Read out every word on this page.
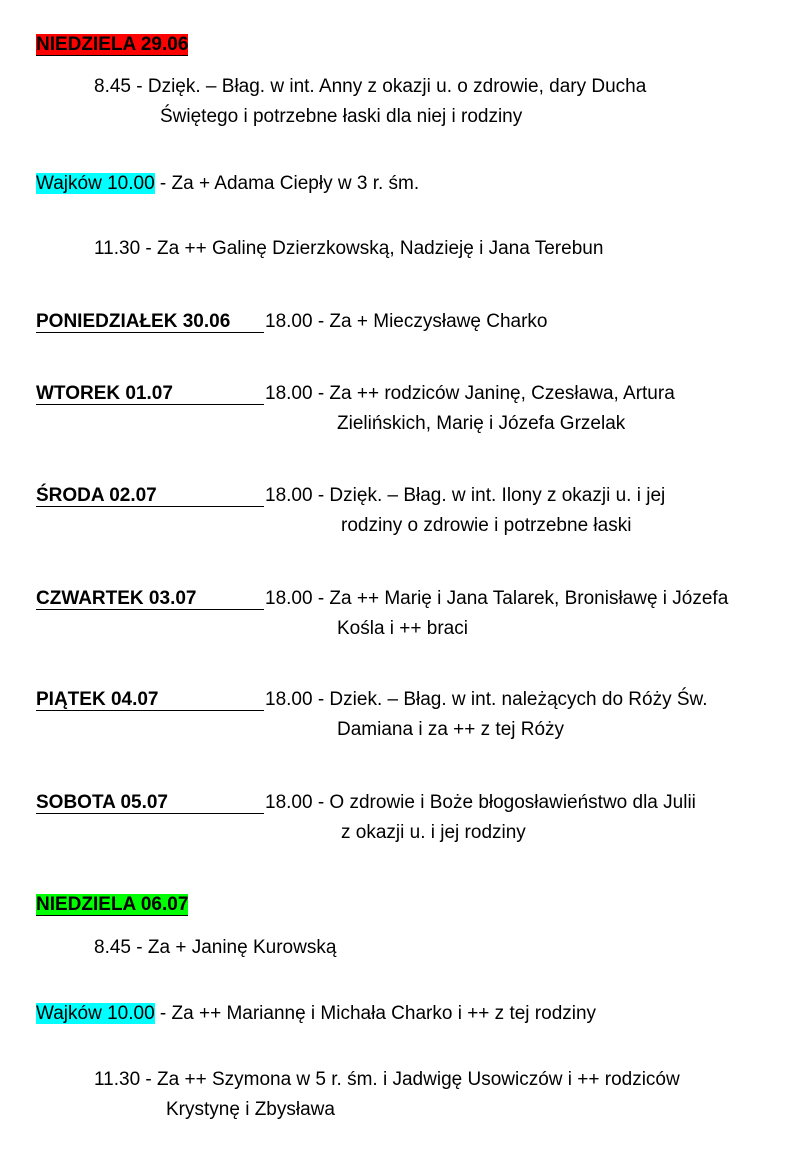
NIEDZIELA 29.06
8.45 - Dzięk. – Błag. w int. Anny z okazji u. o zdrowie, dary Ducha
Świętego i potrzebne łaski dla niej i rodziny
Wajków 10.00 - Za + Adama Ciepły w 3 r. śm.
11.30 - Za ++ Galinę Dzierzkowską, Nadzieję i Jana Terebun
PONIEDZIAŁEK 30.06	18.00 - Za + Mieczysławę Charko
WTOREK 01.07	18.00 - Za ++ rodziców Janinę, Czesława, Artura
Zielińskich, Marię i Józefa Grzelak
ŚRODA 02.07	18.00 - Dzięk. – Błag. w int. Ilony z okazji u. i jej
rodziny o zdrowie i potrzebne łaski
CZWARTEK 03.07	18.00 - Za ++ Marię i Jana Talarek, Bronisławę i Józefa
Kośla i ++ braci
PIĄTEK 04.07	18.00 - Dziek. – Błag. w int. należących do Róży Św.
Damiana i za ++ z tej Róży
SOBOTA 05.07	18.00 - O zdrowie i Boże błogosławieństwo dla Julii
z okazji u. i jej rodziny
NIEDZIELA 06.07
8.45 - Za + Janinę Kurowską
Wajków 10.00 - Za ++ Mariannę i Michała Charko i ++ z tej rodziny
11.30 - Za ++ Szymona w 5 r. śm. i Jadwigę Usowiczów i ++ rodziców
Krystynę i Zbysława
